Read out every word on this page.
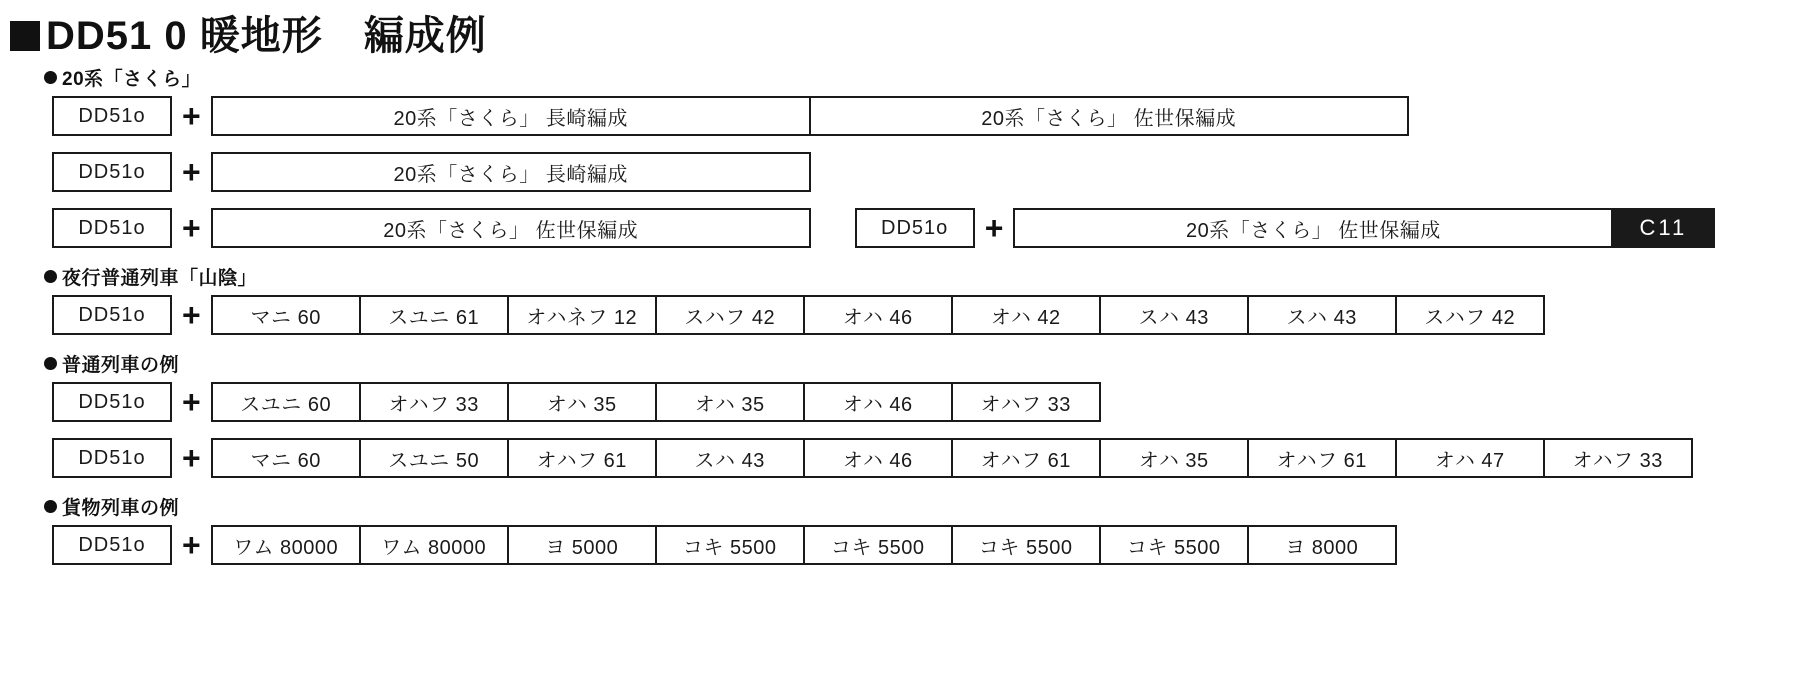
DD51 0 暖地形　編成例
20系「さくら」
DD51o	+	20系「さくら」 長崎編成	20系「さくら」 佐世保編成
DD51o	+	20系「さくら」 長崎編成
DD51o	+	20系「さくら」 佐世保編成	DD51o	+	20系「さくら」 佐世保編成	C11
夜行普通列車「山陰」
DD51o	+	マニ 60	スユニ 61	オハネフ 12	スハフ 42	オハ 46	オハ 42	スハ 43	スハ 43	スハフ 42
普通列車の例
DD51o	+	スユニ 60	オハフ 33	オハ 35	オハ 35	オハ 46	オハフ 33
DD51o	+	マニ 60	スユニ 50	オハフ 61	スハ 43	オハ 46	オハフ 61	オハ 35	オハフ 61	オハ 47	オハフ 33
貨物列車の例
DD51o	+	ワム 80000	ワム 80000	ヨ 5000	コキ 5500	コキ 5500	コキ 5500	コキ 5500	ヨ 8000
